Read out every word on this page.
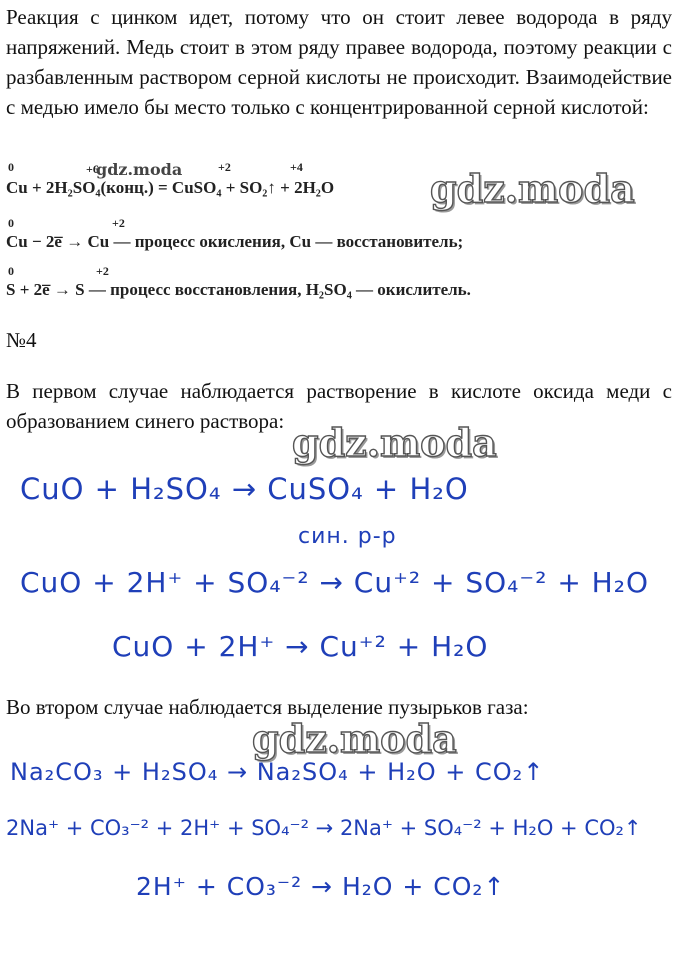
Реакция с цинком идет, потому что он стоит левее водорода в ряду напряжений. Медь стоит в этом ряду правее водорода, поэтому реакции с разбавленным раствором серной кислоты не происходит. Взаимодействие с медью имело бы место только с концентрированной серной кислотой:
0	+6	+2	+4
Cu + 2H₂SO₄(конц.) = CuSO₄ + SO₂↑ + 2H₂O
0	+2
Cu − 2e̅ → Cu — процесс окисления, Cu — восстановитель;
0	+2
S + 2e̅ → S — процесс восстановления, H₂SO₄ — окислитель.
gdz.moda	gdz.moda
gdz.moda
gdz.moda
№4
В первом случае наблюдается растворение в кислоте оксида меди с образованием синего раствора:
CuO + H₂SO₄ → CuSO₄ + H₂O
син. р-р
CuO + 2H⁺ + SO₄⁻² → Cu⁺² + SO₄⁻² + H₂O
CuO + 2H⁺ → Cu⁺² + H₂O
Во втором случае наблюдается выделение пузырьков газа:
Na₂CO₃ + H₂SO₄ → Na₂SO₄ + H₂O + CO₂↑
2Na⁺ + CO₃⁻² + 2H⁺ + SO₄⁻² → 2Na⁺ + SO₄⁻² + H₂O + CO₂↑
2H⁺ + CO₃⁻² → H₂O + CO₂↑
